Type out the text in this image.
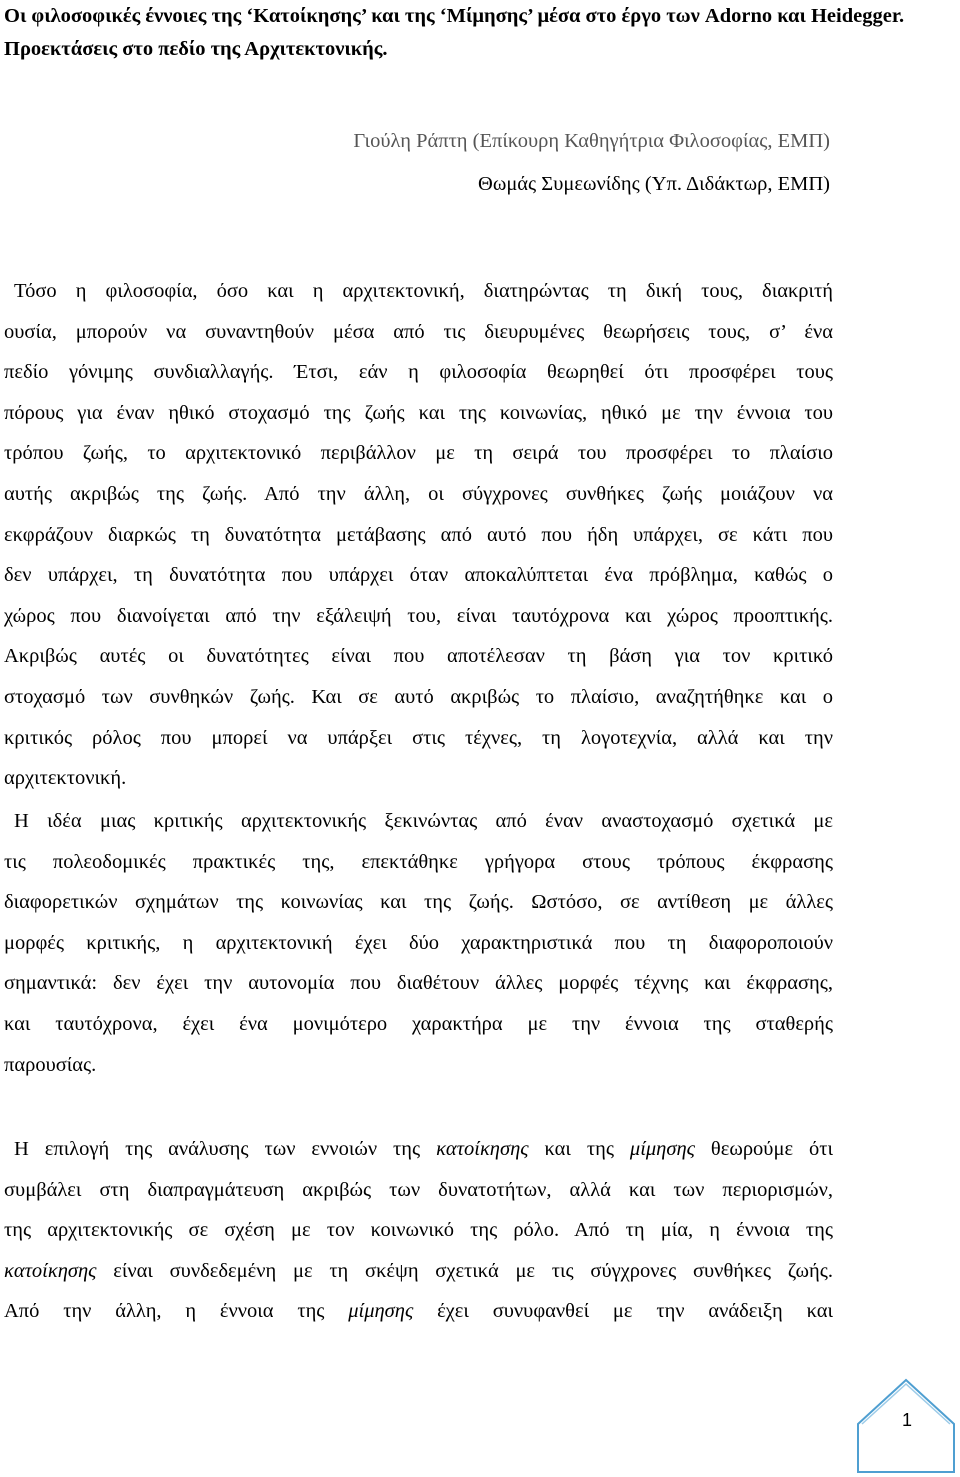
Οι φιλοσοφικές έννοιες της ‘Κατοίκησης’ και της ‘Μίμησης’ μέσα στο έργο των Adorno και Heidegger. Προεκτάσεις στο πεδίο της Αρχιτεκτονικής.
Γιούλη Ράπτη (Επίκουρη Καθηγήτρια Φιλοσοφίας, ΕΜΠ)
Θωμάς Συμεωνίδης (Υπ. Διδάκτωρ, ΕΜΠ)

Τόσο η φιλοσοφία, όσο και η αρχιτεκτονική, διατηρώντας τη δική τους, διακριτή
ουσία, μπορούν να συναντηθούν μέσα από τις διευρυμένες θεωρήσεις τους, σ’ ένα
πεδίο γόνιμης συνδιαλλαγής. Έτσι, εάν η φιλοσοφία θεωρηθεί ότι προσφέρει τους
πόρους για έναν ηθικό στοχασμό της ζωής και της κοινωνίας, ηθικό με την έννοια του
τρόπου ζωής, το αρχιτεκτονικό περιβάλλον με τη σειρά του προσφέρει το πλαίσιο
αυτής ακριβώς της ζωής. Από την άλλη, οι σύγχρονες συνθήκες ζωής μοιάζουν να
εκφράζουν διαρκώς τη δυνατότητα μετάβασης από αυτό που ήδη υπάρχει, σε κάτι που
δεν υπάρχει, τη δυνατότητα που υπάρχει όταν αποκαλύπτεται ένα πρόβλημα, καθώς ο
χώρος που διανοίγεται από την εξάλειψή του, είναι ταυτόχρονα και χώρος προοπτικής.
Ακριβώς αυτές οι δυνατότητες είναι που αποτέλεσαν τη βάση για τον κριτικό
στοχασμό των συνθηκών ζωής. Και σε αυτό ακριβώς το πλαίσιο, αναζητήθηκε και ο
κριτικός ρόλος που μπορεί να υπάρξει στις τέχνες, τη λογοτεχνία, αλλά και την
αρχιτεκτονική.

Η ιδέα μιας κριτικής αρχιτεκτονικής ξεκινώντας από έναν αναστοχασμό σχετικά με
τις πολεοδομικές πρακτικές της, επεκτάθηκε γρήγορα στους τρόπους έκφρασης
διαφορετικών σχημάτων της κοινωνίας και της ζωής. Ωστόσο, σε αντίθεση με άλλες
μορφές κριτικής, η αρχιτεκτονική έχει δύο χαρακτηριστικά που τη διαφοροποιούν
σημαντικά: δεν έχει την αυτονομία που διαθέτουν άλλες μορφές τέχνης και έκφρασης,
και ταυτόχρονα, έχει ένα μονιμότερο χαρακτήρα με την έννοια της σταθερής
παρουσίας.

Η επιλογή της ανάλυσης των εννοιών της κατοίκησης και της μίμησης θεωρούμε ότι
συμβάλει στη διαπραγμάτευση ακριβώς των δυνατοτήτων, αλλά και των περιορισμών,
της αρχιτεκτονικής σε σχέση με τον κοινωνικό της ρόλο. Από τη μία, η έννοια της
κατοίκησης είναι συνδεδεμένη με τη σκέψη σχετικά με τις σύγχρονες συνθήκες ζωής.
Από την άλλη, η έννοια της μίμησης έχει συνυφανθεί με την ανάδειξη και

1
